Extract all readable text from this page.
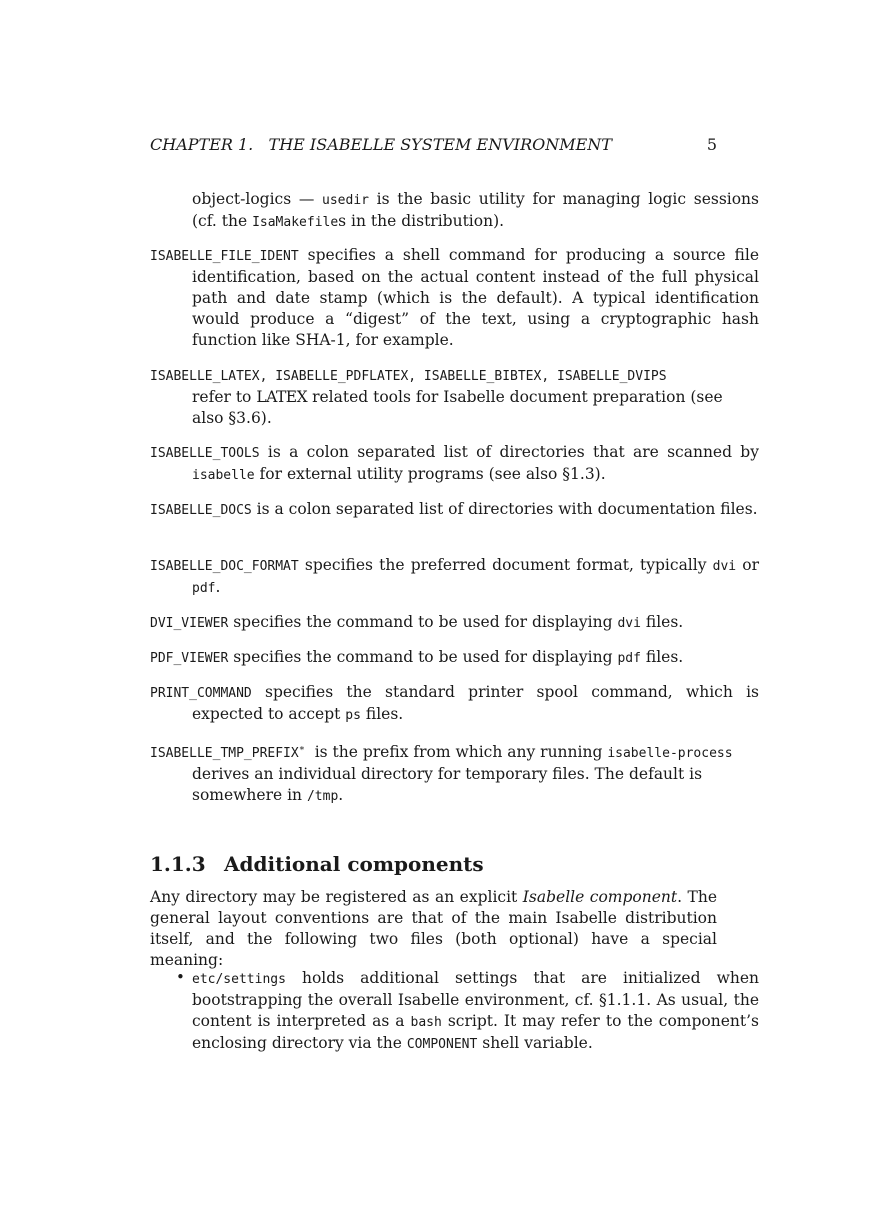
CHAPTER 1.   THE ISABELLE SYSTEM ENVIRONMENT	5
object-logics — usedir is the basic utility for managing logic sessions (cf. the IsaMakefiles in the distribution).
ISABELLE_FILE_IDENT specifies a shell command for producing a source file identification, based on the actual content instead of the full physical path and date stamp (which is the default). A typical identification would produce a “digest” of the text, using a cryptographic hash function like SHA-1, for example.
ISABELLE_LATEX, ISABELLE_PDFLATEX, ISABELLE_BIBTEX, ISABELLE_DVIPS
refer to LATEX related tools for Isabelle document preparation (see also §3.6).
ISABELLE_TOOLS is a colon separated list of directories that are scanned by isabelle for external utility programs (see also §1.3).
ISABELLE_DOCS is a colon separated list of directories with documentation files.
ISABELLE_DOC_FORMAT specifies the preferred document format, typically dvi or pdf.
DVI_VIEWER specifies the command to be used for displaying dvi files.
PDF_VIEWER specifies the command to be used for displaying pdf files.
PRINT_COMMAND specifies the standard printer spool command, which is expected to accept ps files.
ISABELLE_TMP_PREFIX∗  is the prefix from which any running isabelle-process derives an individual directory for temporary files. The default is somewhere in /tmp.
1.1.3 Additional components
Any directory may be registered as an explicit Isabelle component. The general layout conventions are that of the main Isabelle distribution itself, and the following two files (both optional) have a special meaning:
• etc/settings holds additional settings that are initialized when bootstrapping the overall Isabelle environment, cf. §1.1.1. As usual, the content is interpreted as a bash script. It may refer to the component’s enclosing directory via the COMPONENT shell variable.
